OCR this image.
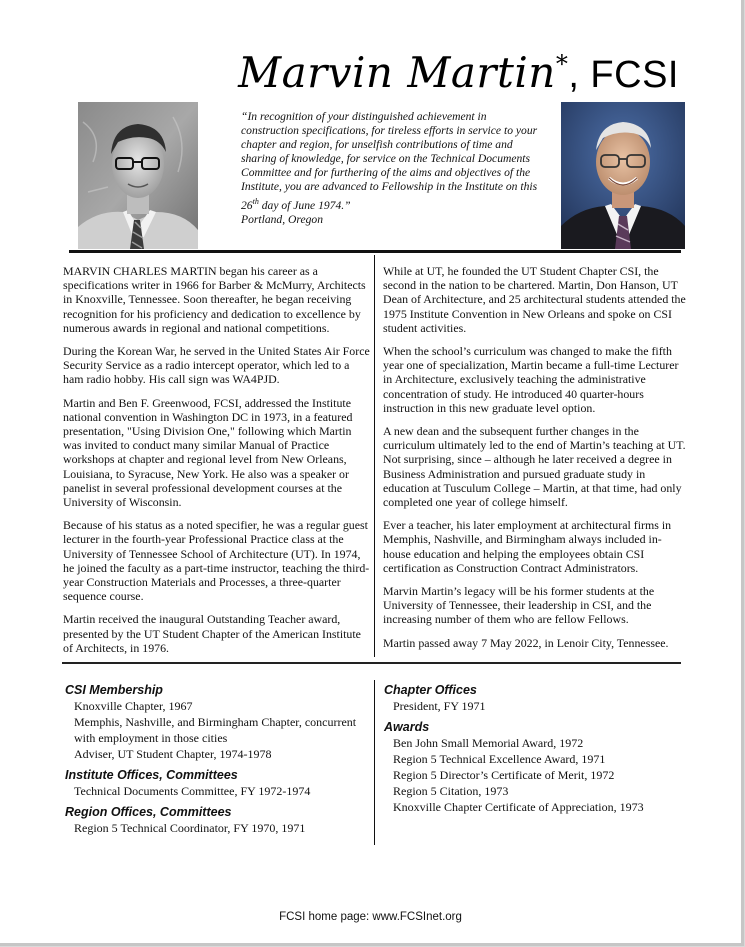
Marvin Martin*, FCSI
“In recognition of your distinguished achievement in construction specifications, for tireless efforts in service to your chapter and region, for unselfish contributions of time and sharing of knowledge, for service on the Technical Documents Committee and for furthering of the aims and objectives of the Institute, you are advanced to Fellowship in the Institute on this 26th day of June 1974.”
Portland, Oregon

MARVIN CHARLES MARTIN began his career as a specifications writer in 1966 for Barber & McMurry, Architects in Knoxville, Tennessee. Soon thereafter, he began receiving recognition for his proficiency and dedication to excellence by numerous awards in regional and national competitions.

During the Korean War, he served in the United States Air Force Security Service as a radio intercept operator, which led to a ham radio hobby. His call sign was WA4PJD.

Martin and Ben F. Greenwood, FCSI, addressed the Institute national convention in Washington DC in 1973, in a featured presentation, "Using Division One," following which Martin was invited to conduct many similar Manual of Practice workshops at chapter and regional level from New Orleans, Louisiana, to Syracuse, New York. He also was a speaker or panelist in several professional development courses at the University of Wisconsin.

Because of his status as a noted specifier, he was a regular guest lecturer in the fourth-year Professional Practice class at the University of Tennessee School of Architecture (UT). In 1974, he joined the faculty as a part-time instructor, teaching the third-year Construction Materials and Processes, a three-quarter sequence course.

Martin received the inaugural Outstanding Teacher award, presented by the UT Student Chapter of the American Institute of Architects, in 1976.

While at UT, he founded the UT Student Chapter CSI, the second in the nation to be chartered. Martin, Don Hanson, UT Dean of Architecture, and 25 architectural students attended the 1975 Institute Convention in New Orleans and spoke on CSI student activities.

When the school’s curriculum was changed to make the fifth year one of specialization, Martin became a full-time Lecturer in Architecture, exclusively teaching the administrative concentration of study. He introduced 40 quarter-hours instruction in this new graduate level option.

A new dean and the subsequent further changes in the curriculum ultimately led to the end of Martin’s teaching at UT. Not surprising, since – although he later received a degree in Business Administration and pursued graduate study in education at Tusculum College – Martin, at that time, had only completed one year of college himself.

Ever a teacher, his later employment at architectural firms in Memphis, Nashville, and Birmingham always included in-house education and helping the employees obtain CSI certification as Construction Contract Administrators.

Marvin Martin’s legacy will be his former students at the University of Tennessee, their leadership in CSI, and the increasing number of them who are fellow Fellows.

Martin passed away 7 May 2022, in Lenoir City, Tennessee.

CSI Membership
Knoxville Chapter, 1967
Memphis, Nashville, and Birmingham Chapter, concurrent with employment in those cities
Adviser, UT Student Chapter, 1974-1978
Institute Offices, Committees
Technical Documents Committee, FY 1972-1974
Region Offices, Committees
Region 5 Technical Coordinator, FY 1970, 1971
Chapter Offices
President, FY 1971
Awards
Ben John Small Memorial Award, 1972
Region 5 Technical Excellence Award, 1971
Region 5 Director’s Certificate of Merit, 1972
Region 5 Citation, 1973
Knoxville Chapter Certificate of Appreciation, 1973
FCSI home page: www.FCSInet.org
